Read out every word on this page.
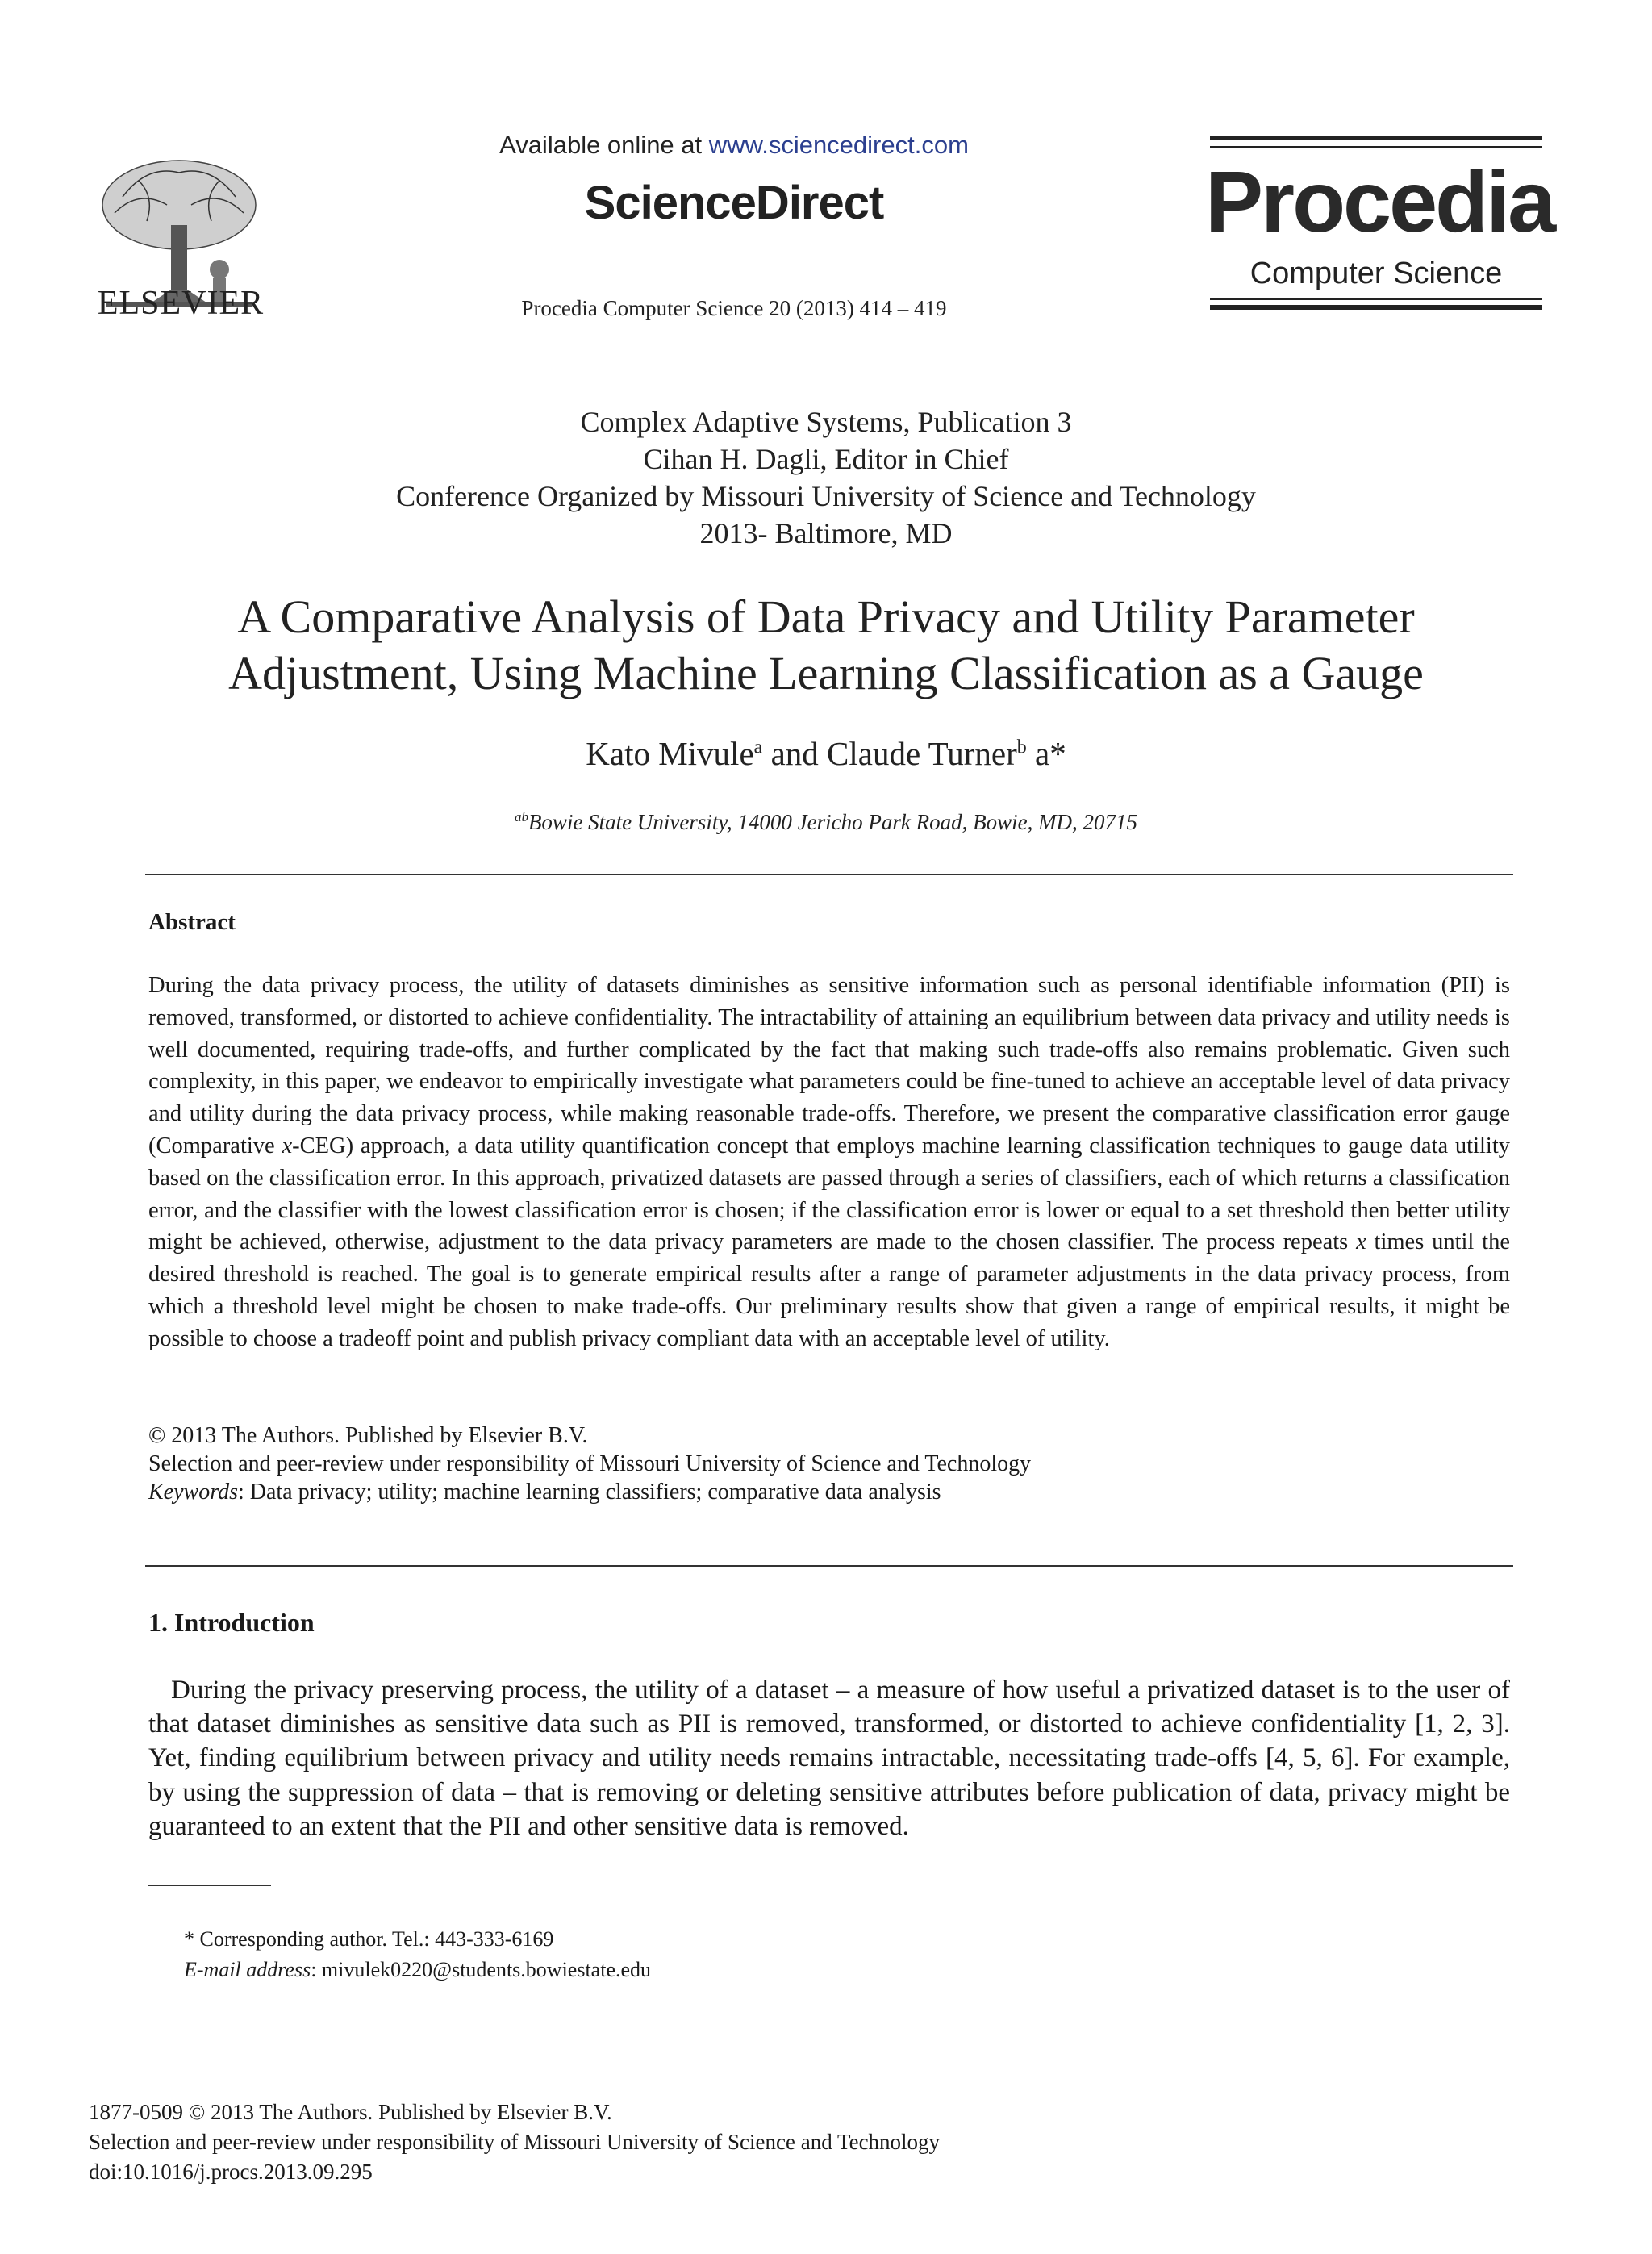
ELSEVIER
Available online at www.sciencedirect.com
ScienceDirect
Procedia Computer Science 20 (2013) 414 – 419
Procedia
Computer Science
Complex Adaptive Systems, Publication 3
Cihan H. Dagli, Editor in Chief
Conference Organized by Missouri University of Science and Technology
2013- Baltimore, MD
A Comparative Analysis of Data Privacy and Utility Parameter
Adjustment, Using Machine Learning Classification as a Gauge
Kato Mivule$^a$ and Claude Turner$^b$ a*
$^{ab}$Bowie State University, 14000 Jericho Park Road, Bowie, MD, 20715
Abstract

During the data privacy process, the utility of datasets diminishes as sensitive information such as personal identifiable information (PII) is removed, transformed, or distorted to achieve confidentiality. The intractability of attaining an equilibrium between data privacy and utility needs is well documented, requiring trade-offs, and further complicated by the fact that making such trade-offs also remains problematic. Given such complexity, in this paper, we endeavor to empirically investigate what parameters could be fine-tuned to achieve an acceptable level of data privacy and utility during the data privacy process, while making reasonable trade-offs. Therefore, we present the comparative classification error gauge (Comparative x-CEG) approach, a data utility quantification concept that employs machine learning classification techniques to gauge data utility based on the classification error. In this approach, privatized datasets are passed through a series of classifiers, each of which returns a classification error, and the classifier with the lowest classification error is chosen; if the classification error is lower or equal to a set threshold then better utility might be achieved, otherwise, adjustment to the data privacy parameters are made to the chosen classifier. The process repeats x times until the desired threshold is reached. The goal is to generate empirical results after a range of parameter adjustments in the data privacy process, from which a threshold level might be chosen to make trade-offs. Our preliminary results show that given a range of empirical results, it might be possible to choose a tradeoff point and publish privacy compliant data with an acceptable level of utility.

© 2013 The Authors. Published by Elsevier B.V.
Selection and peer-review under responsibility of Missouri University of Science and Technology
Keywords: Data privacy; utility; machine learning classifiers; comparative data analysis
1. Introduction
During the privacy preserving process, the utility of a dataset – a measure of how useful a privatized dataset is to the user of that dataset diminishes as sensitive data such as PII is removed, transformed, or distorted to achieve confidentiality [1, 2, 3]. Yet, finding equilibrium between privacy and utility needs remains intractable, necessitating trade-offs [4, 5, 6]. For example, by using the suppression of data – that is removing or deleting sensitive attributes before publication of data, privacy might be guaranteed to an extent that the PII and other sensitive data is removed.
* Corresponding author. Tel.: 443-333-6169
E-mail address: mivulek0220@students.bowiestate.edu
1877-0509 © 2013 The Authors. Published by Elsevier B.V.
Selection and peer-review under responsibility of Missouri University of Science and Technology
doi:10.1016/j.procs.2013.09.295
